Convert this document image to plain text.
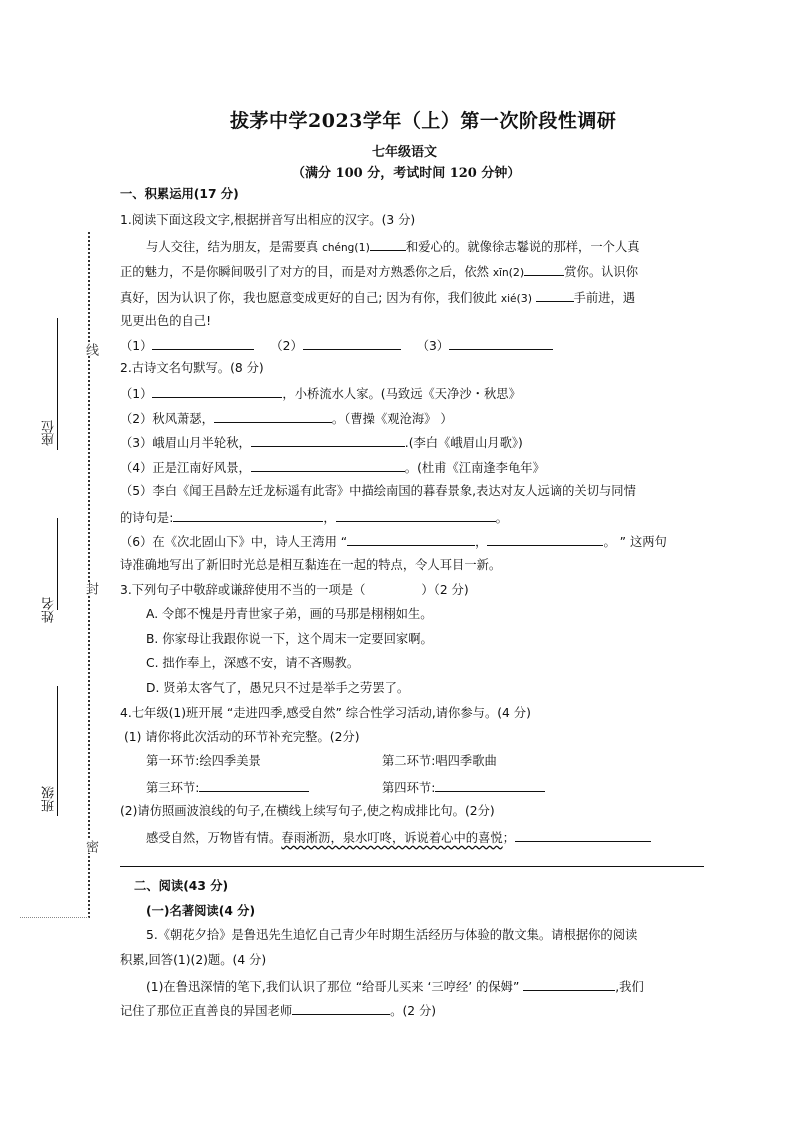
拔茅中学2023学年（上）第一次阶段性调研
七年级语文
（满分 100 分，考试时间 120 分钟）
座位
姓名
班级
线
封
密
一、积累运用(17 分)
1.阅读下面这段文字,根据拼音写出相应的汉字。(3 分)
与人交往，结为朋友，是需要真 chéng(1)	和爱心的。就像徐志鬈说的那样，一个人真
正的魅力，不是你瞬间吸引了对方的目，而是对方熟悉你之后，依然 xīn(2)	赏你。认识你
真好，因为认识了你，我也愿意变成更好的自己; 因为有你，我们彼此 xié(3)	手前进，遇
见更出色的自己!
（1）	（2）	（3）
2.古诗文名句默写。(8 分)
（1）	，小桥流水人家。(马致远《天净沙・秋思》
（2）秋风萧瑟，	。（曹操《观沧海》 ）
（3）峨眉山月半轮秋，	.(李白《峨眉山月歌》)
（4）正是江南好风景，	。(杜甫《江南逢李龟年》
（5）李白《闻王昌龄左迁龙标遥有此寄》中描绘南国的暮春景象,表达对友人远谪的关切与同情
的诗句是:	，	。
（6）在《次北固山下》中，诗人王湾用 “	，	。 ” 这两句
诗准确地写出了新旧时光总是相互黏连在一起的特点，令人耳目一新。
3.下列句子中敬辞或谦辞使用不当的一项是（	）（2 分)
A. 令郎不愧是丹青世家子弟，画的马那是栩栩如生。
B. 你家母让我跟你说一下，这个周末一定要回家啊。
C. 拙作奉上，深感不安，请不吝赐教。
D. 贤弟太客气了，愚兄只不过是举手之劳罢了。
4.七年级(1)班开展 “走进四季,感受自然” 综合性学习活动,请你参与。(4 分)
(1) 请你将此次活动的环节补充完整。(2分)
第一环节:绘四季美景	第二环节:唱四季歌曲
第三环节:	第四环节:
(2)请仿照画波浪线的句子,在横线上续写句子,使之构成排比句。(2分)
感受自然，万物皆有情。春雨淅沥，泉水叮咚，诉说着心中的喜悦；
二、阅读(43 分)
(一)名著阅读(4 分)
5.《朝花夕拾》是鲁迅先生追忆自己青少年时期生活经历与体验的散文集。请根据你的阅读
积累,回答(1)(2)题。(4 分)
(1)在鲁迅深情的笔下,我们认识了那位 “给哥儿买来 ‘三哼经’ 的保姆”	,我们
记住了那位正直善良的异国老师	。(2 分)
